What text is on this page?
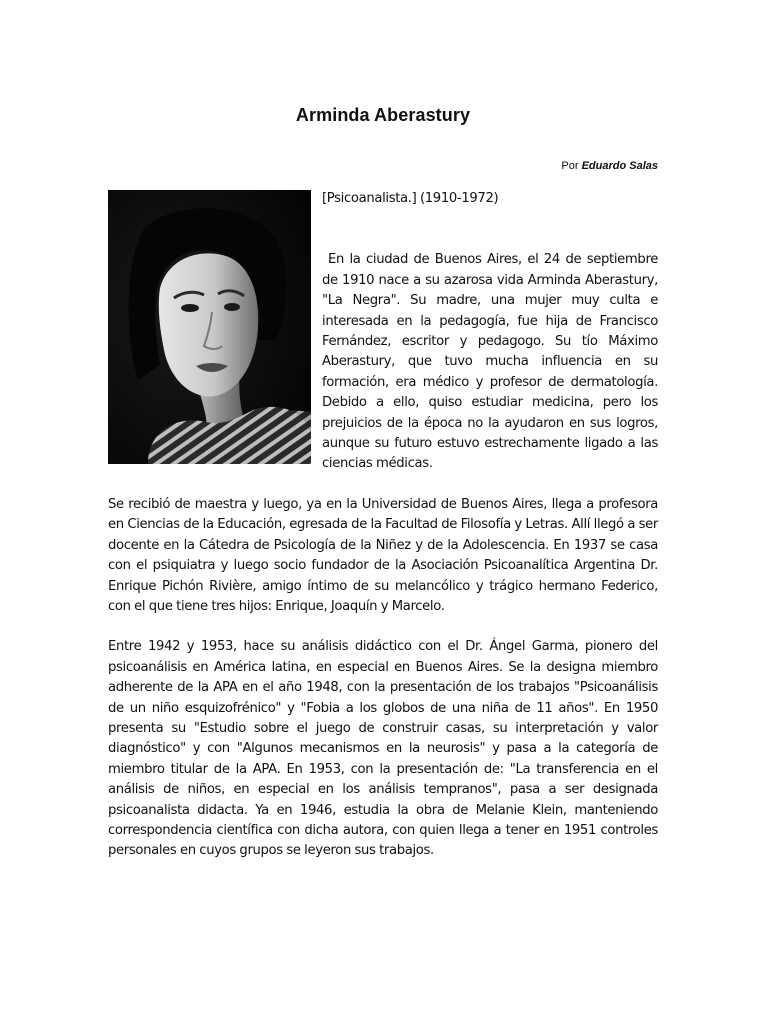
Arminda Aberastury
Por Eduardo Salas

[Psicoanalista.] (1910-1972)

En la ciudad de Buenos Aires, el 24 de septiembre de 1910 nace a su azarosa vida Arminda Aberastury, "La Negra". Su madre, una mujer muy culta e interesada en la pedagogía, fue hija de Francisco Fernández, escritor y pedagogo. Su tío Máximo Aberastury, que tuvo mucha influencia en su formación, era médico y profesor de dermatología. Debido a ello, quiso estudiar medicina, pero los prejuicios de la época no la ayudaron en sus logros, aunque su futuro estuvo estrechamente ligado a las ciencias médicas.

Se recibió de maestra y luego, ya en la Universidad de Buenos Aires, llega a profesora en Ciencias de la Educación, egresada de la Facultad de Filosofía y Letras. Allí llegó a ser docente en la Cátedra de Psicología de la Niñez y de la Adolescencia. En 1937 se casa con el psiquiatra y luego socio fundador de la Asociación Psicoanalítica Argentina Dr. Enrique Pichón Rivière, amigo íntimo de su melancólico y trágico hermano Federico, con el que tiene tres hijos: Enrique, Joaquín y Marcelo.

Entre 1942 y 1953, hace su análisis didáctico con el Dr. Ángel Garma, pionero del psicoanálisis en América latina, en especial en Buenos Aires. Se la designa miembro adherente de la APA en el año 1948, con la presentación de los trabajos "Psicoanálisis de un niño esquizofrénico" y "Fobia a los globos de una niña de 11 años". En 1950 presenta su "Estudio sobre el juego de construir casas, su interpretación y valor diagnóstico" y con "Algunos mecanismos en la neurosis" y pasa a la categoría de miembro titular de la APA. En 1953, con la presentación de: "La transferencia en el análisis de niños, en especial en los análisis tempranos", pasa a ser designada psicoanalista didacta. Ya en 1946, estudia la obra de Melanie Klein, manteniendo correspondencia científica con dicha autora, con quien llega a tener en 1951 controles personales en cuyos grupos se leyeron sus trabajos.
